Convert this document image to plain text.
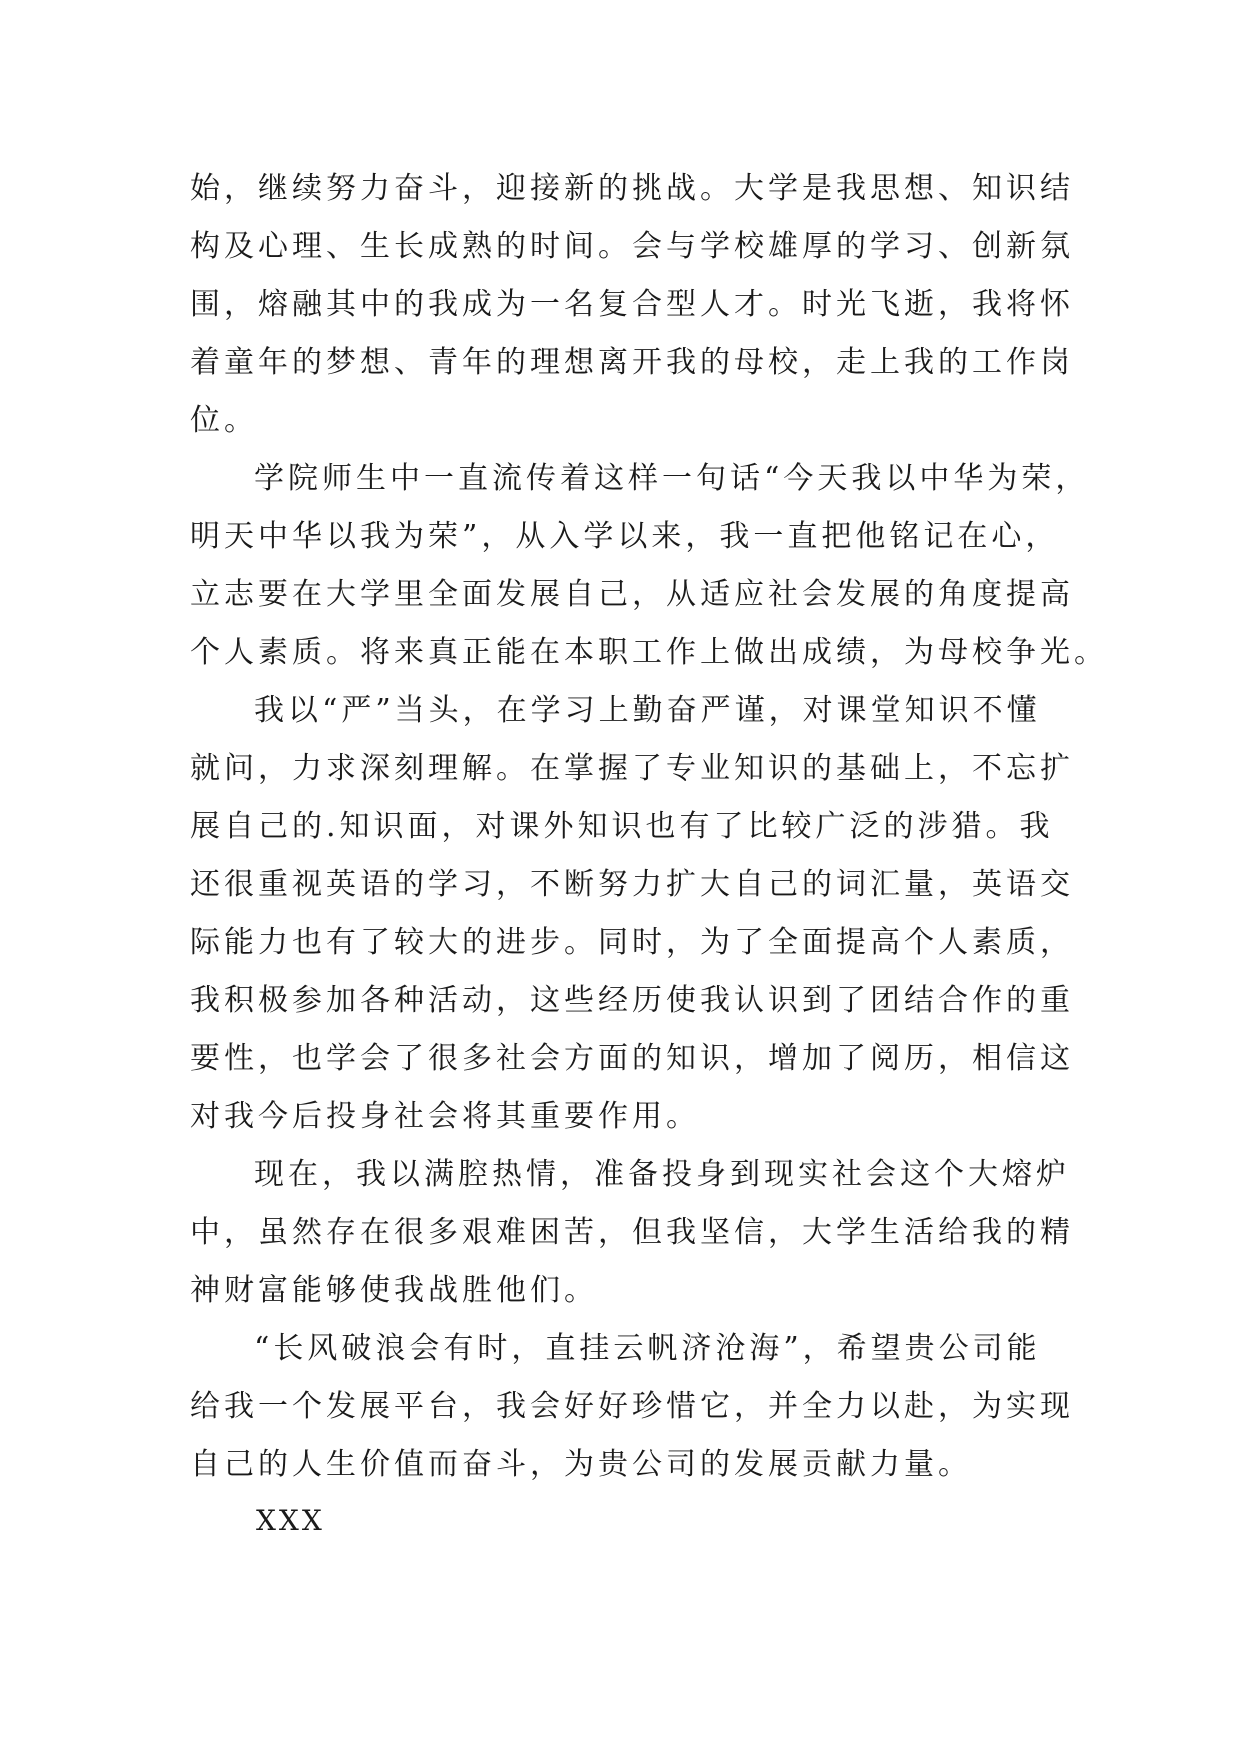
始，继续努力奋斗，迎接新的挑战。大学是我思想、知识结
构及心理、生长成熟的时间。会与学校雄厚的学习、创新氛
围，熔融其中的我成为一名复合型人才。时光飞逝，我将怀
着童年的梦想、青年的理想离开我的母校，走上我的工作岗
位。

学院师生中一直流传着这样一句话“今天我以中华为荣，
明天中华以我为荣”，从入学以来，我一直把他铭记在心，
立志要在大学里全面发展自己，从适应社会发展的角度提高
个人素质。将来真正能在本职工作上做出成绩，为母校争光。

我以“严”当头，在学习上勤奋严谨，对课堂知识不懂
就问，力求深刻理解。在掌握了专业知识的基础上，不忘扩
展自己的.知识面，对课外知识也有了比较广泛的涉猎。我
还很重视英语的学习，不断努力扩大自己的词汇量，英语交
际能力也有了较大的进步。同时，为了全面提高个人素质，
我积极参加各种活动，这些经历使我认识到了团结合作的重
要性，也学会了很多社会方面的知识，增加了阅历，相信这
对我今后投身社会将其重要作用。

现在，我以满腔热情，准备投身到现实社会这个大熔炉
中，虽然存在很多艰难困苦，但我坚信，大学生活给我的精
神财富能够使我战胜他们。

“长风破浪会有时，直挂云帆济沧海”，希望贵公司能
给我一个发展平台，我会好好珍惜它，并全力以赴，为实现
自己的人生价值而奋斗，为贵公司的发展贡献力量。

XXX
